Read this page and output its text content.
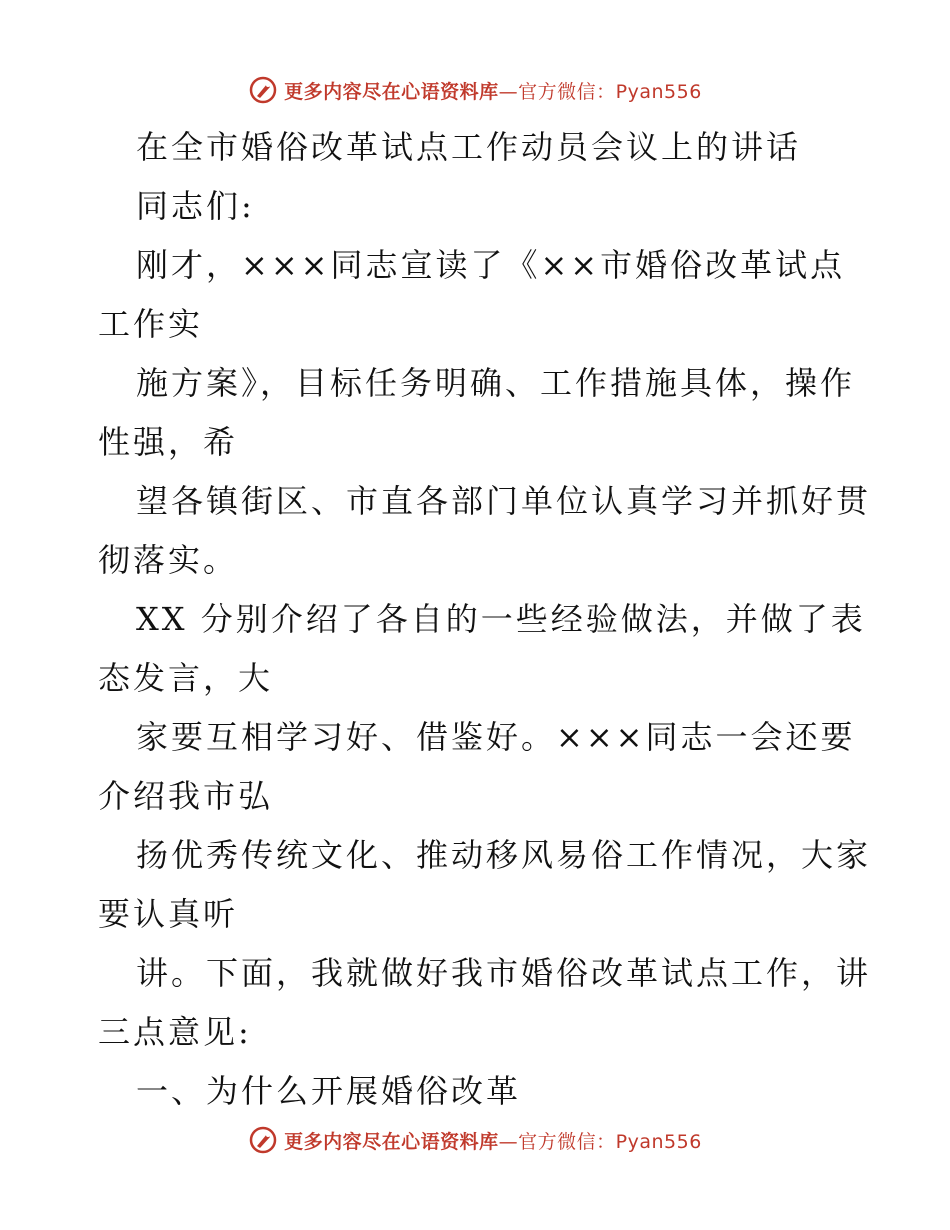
更多内容尽在心语资料库—官方微信：Pyan556
在全市婚俗改革试点工作动员会议上的讲话
同志们:
刚才，×××同志宣读了《××市婚俗改革试点
工作实
施方案》，目标任务明确、工作措施具体，操作
性强，希
望各镇街区、市直各部门单位认真学习并抓好贯
彻落实。
XX 分别介绍了各自的一些经验做法，并做了表
态发言，大
家要互相学习好、借鉴好。×××同志一会还要
介绍我市弘
扬优秀传统文化、推动移风易俗工作情况，大家
要认真听
讲。下面，我就做好我市婚俗改革试点工作，讲
三点意见:
一、为什么开展婚俗改革
更多内容尽在心语资料库—官方微信：Pyan556
